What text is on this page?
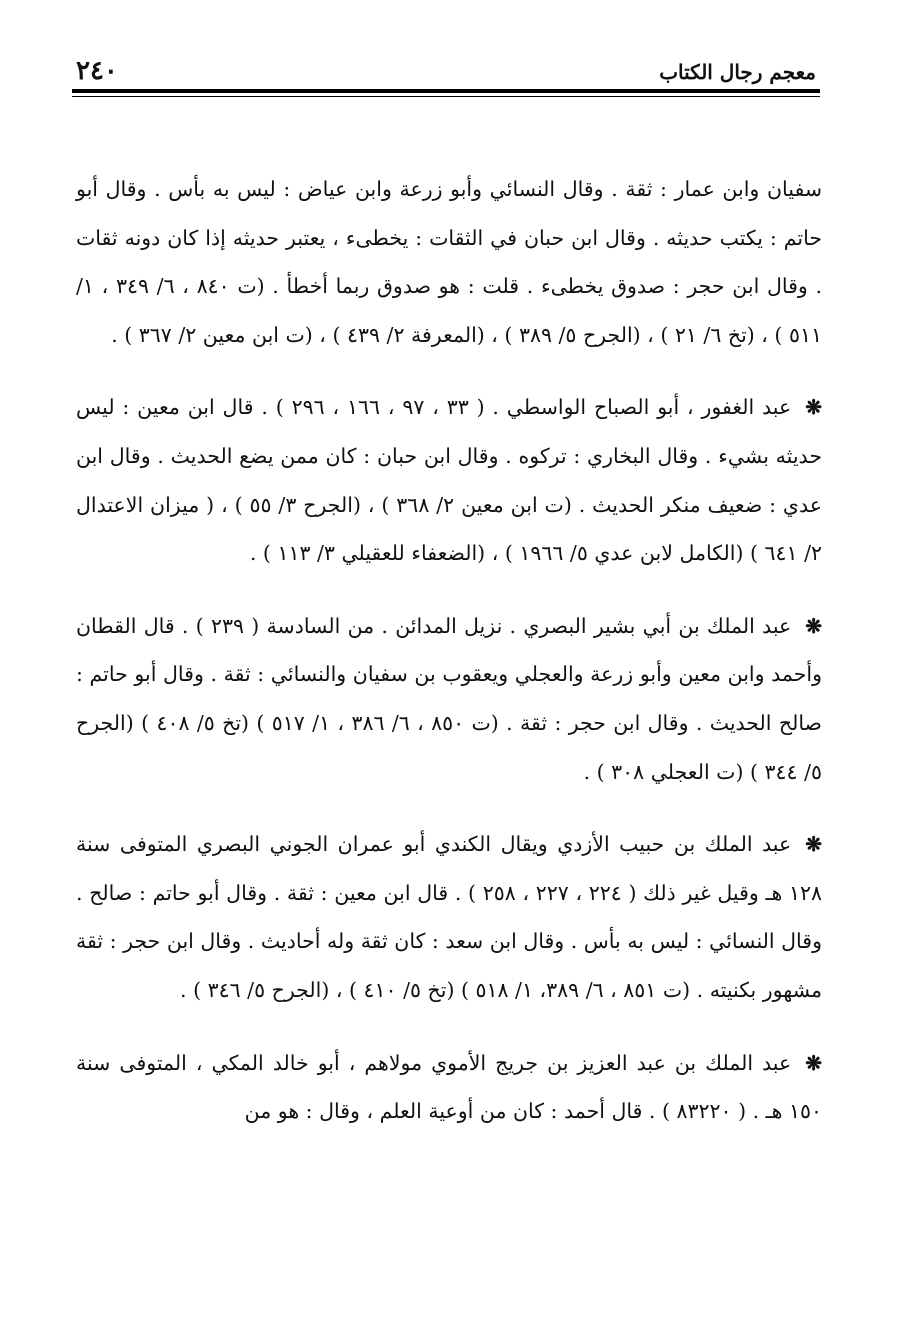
٢٤٠	معجم رجال الكتاب

سفيان وابن عمار : ثقة . وقال النسائي وأبو زرعة وابن عياض : ليس به بأس . وقال أبو حاتم : يكتب حديثه . وقال ابن حبان في الثقات : يخطىء ، يعتبر حديثه إذا كان دونه ثقات . وقال ابن حجر : صدوق يخطىء . قلت : هو صدوق ربما أخطأ . (ت ٨٤٠ ، ٦/ ٣٤٩ ، ١/ ٥١١ ) ، (تخ ٦/ ٢١ ) ، (الجرح ٥/ ٣٨٩ ) ، (المعرفة ٢/ ٤٣٩ ) ، (ت ابن معين ٢/ ٣٦٧ ) .

❋عبد الغفور ، أبو الصباح الواسطي . ( ٣٣ ، ٩٧ ، ١٦٦ ، ٢٩٦ ) . قال ابن معين : ليس حديثه بشيء . وقال البخاري : تركوه . وقال ابن حبان : كان ممن يضع الحديث . وقال ابن عدي : ضعيف منكر الحديث . (ت ابن معين ٢/ ٣٦٨ ) ، (الجرح ٣/ ٥٥ ) ، ( ميزان الاعتدال ٢/ ٦٤١ ) (الكامل لابن عدي ٥/ ١٩٦٦ ) ، (الضعفاء للعقيلي ٣/ ١١٣ ) .

❋عبد الملك بن أبي بشير البصري . نزيل المدائن . من السادسة ( ٢٣٩ ) . قال القطان وأحمد وابن معين وأبو زرعة والعجلي ويعقوب بن سفيان والنسائي : ثقة . وقال أبو حاتم : صالح الحديث . وقال ابن حجر : ثقة . (ت ٨٥٠ ، ٦/ ٣٨٦ ، ١/ ٥١٧ ) (تخ ٥/ ٤٠٨ ) (الجرح ٥/ ٣٤٤ ) (ت العجلي ٣٠٨ ) .

❋عبد الملك بن حبيب الأزدي ويقال الكندي أبو عمران الجوني البصري المتوفى سنة ١٢٨ هـ وقيل غير ذلك ( ٢٢٤ ، ٢٢٧ ، ٢٥٨ ) . قال ابن معين : ثقة . وقال أبو حاتم : صالح . وقال النسائي : ليس به بأس . وقال ابن سعد : كان ثقة وله أحاديث . وقال ابن حجر : ثقة مشهور بكنيته . (ت ٨٥١ ، ٦/ ٣٨٩، ١/ ٥١٨ ) (تخ ٥/ ٤١٠ ) ، (الجرح ٥/ ٣٤٦ ) .

❋عبد الملك بن عبد العزيز بن جريج الأموي مولاهم ، أبو خالد المكي ، المتوفى سنة ١٥٠ هـ . ( ٨٣٢٢٠ ) . قال أحمد : كان من أوعية العلم ، وقال : هو من
